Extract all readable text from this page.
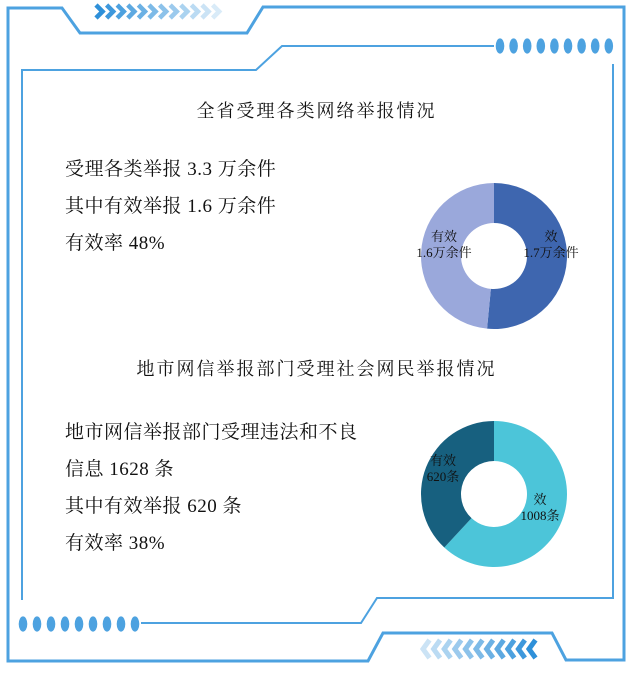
全省受理各类网络举报情况
受理各类举报 3.3 万余件
其中有效举报 1.6 万余件
有效率 48%	有效
1.6万余件
效
1.7万余件
地市网信举报部门受理社会网民举报情况
地市网信举报部门受理违法和不良
信息 1628 条
其中有效举报 620 条
有效率 38%
有效
620条
效
1008条
